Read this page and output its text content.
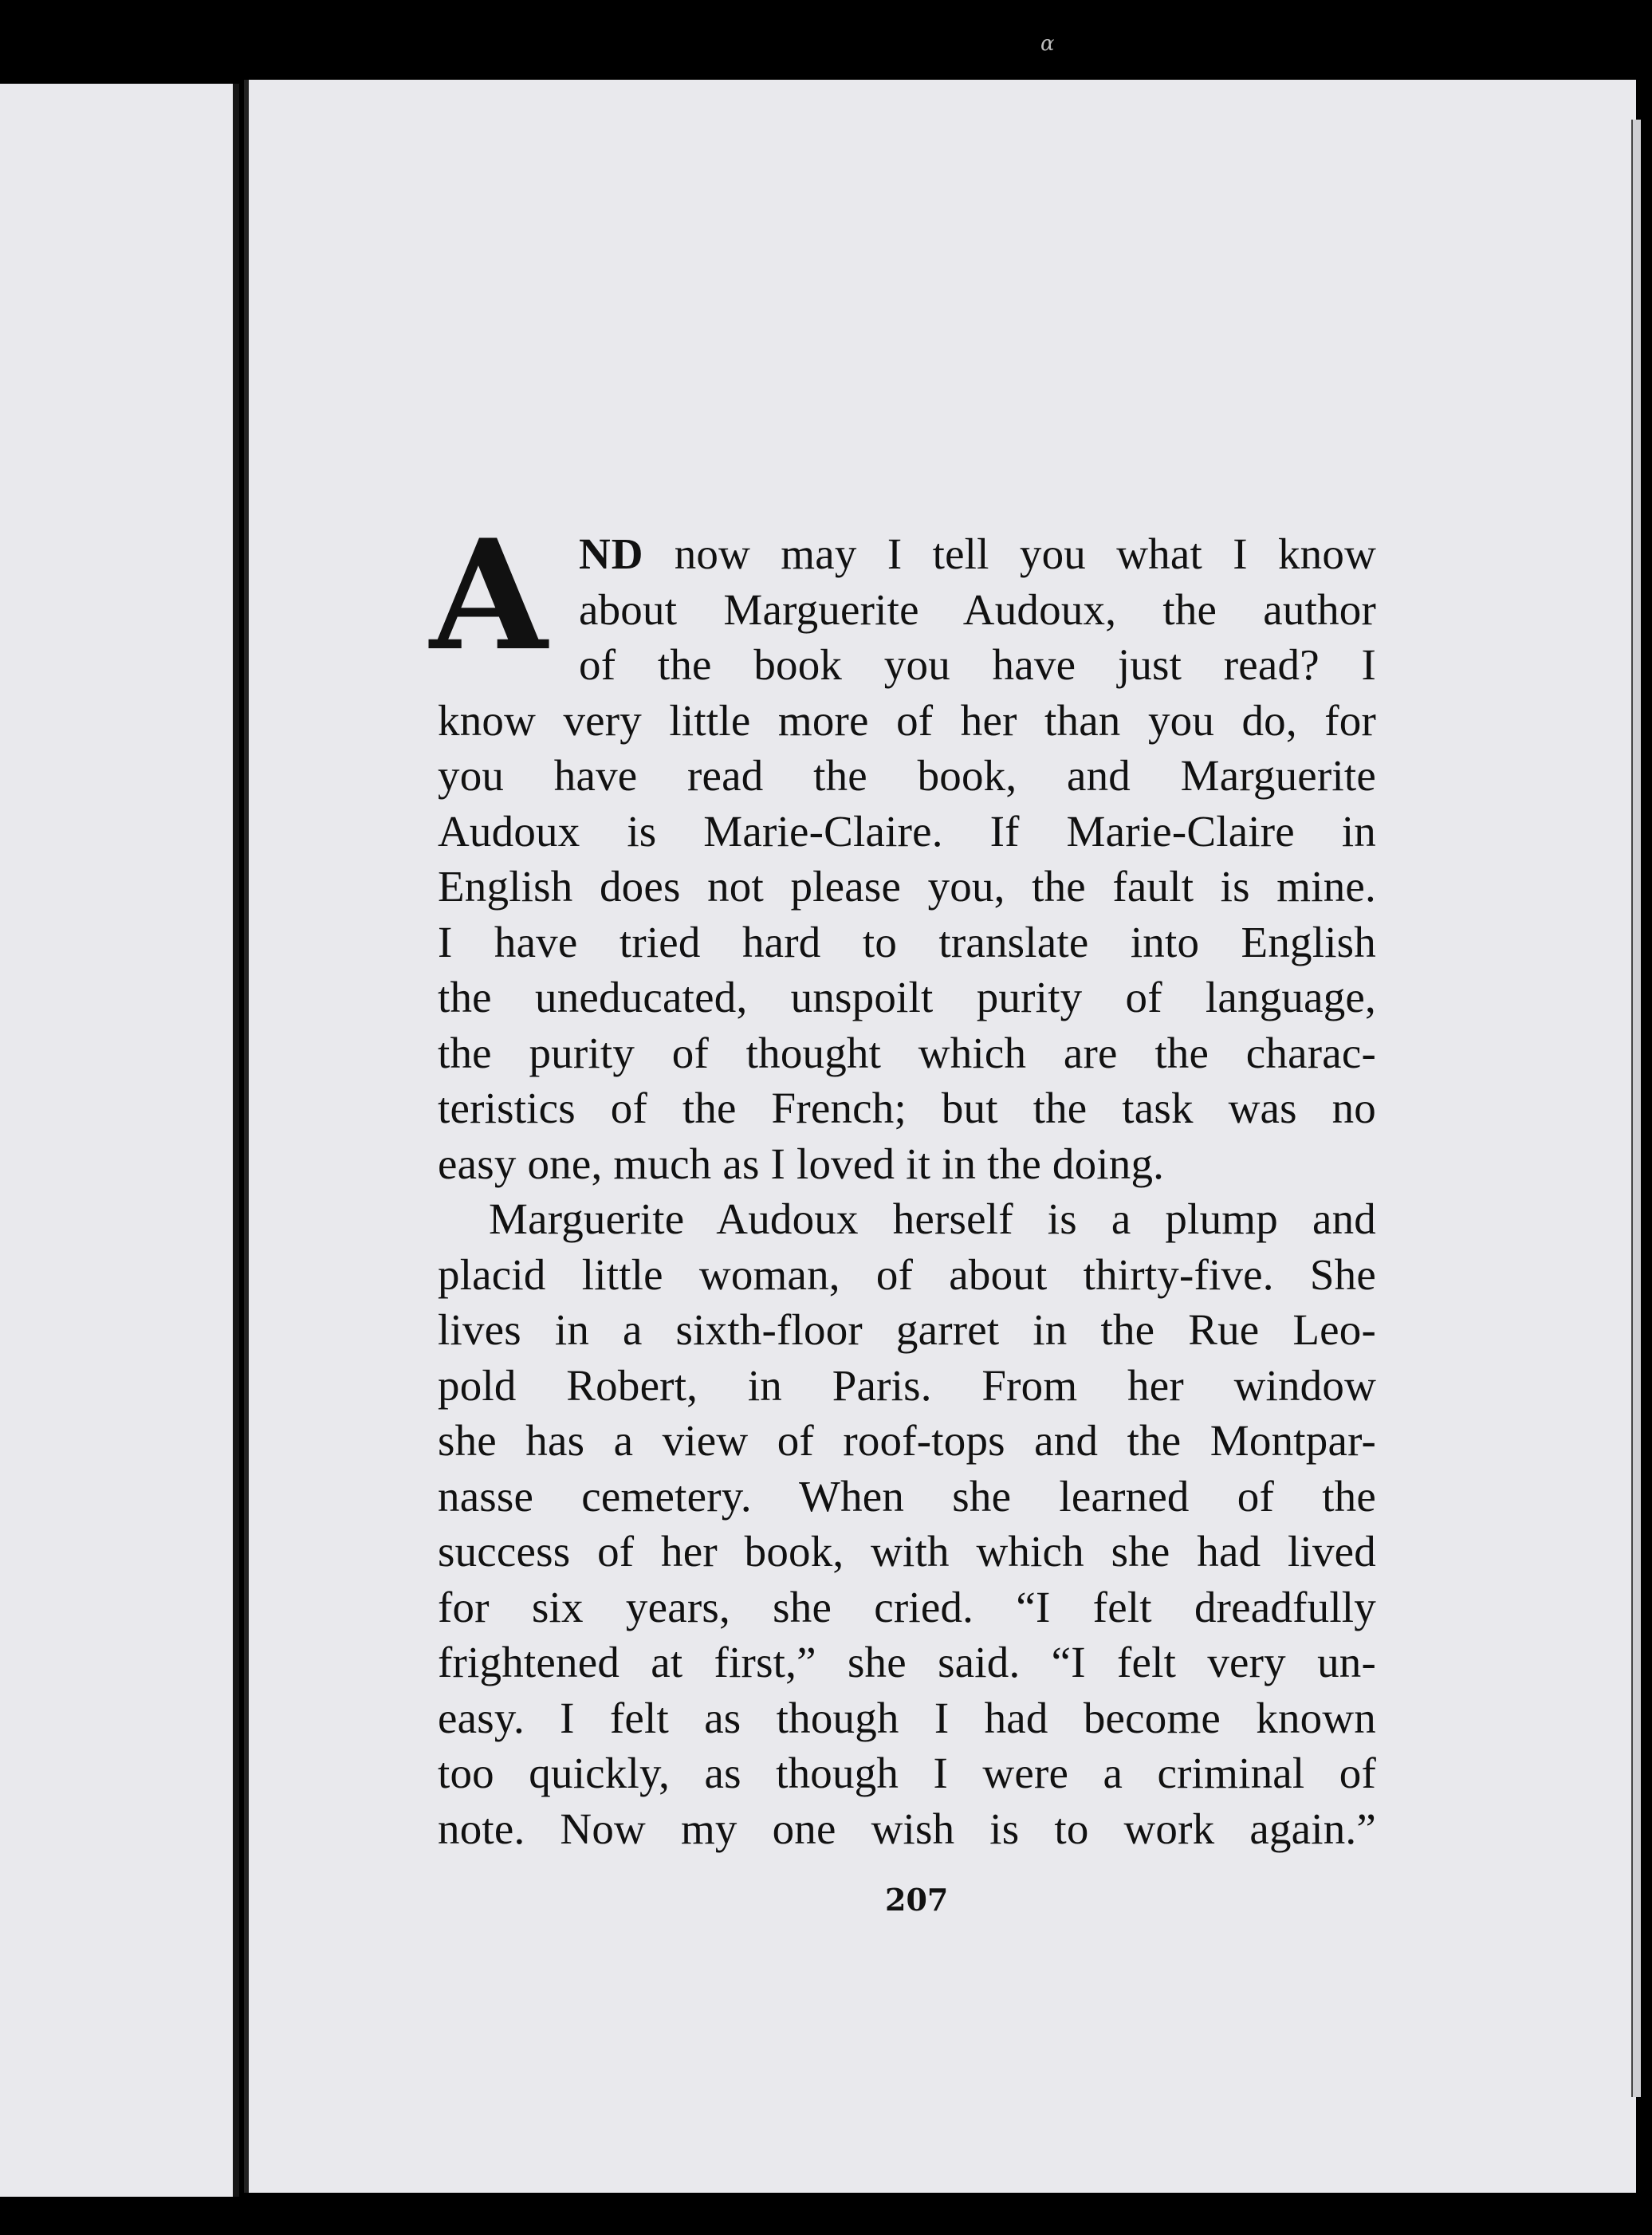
ɑ
A ND now may I tell you what I know
about Marguerite Audoux, the author
of the book you have just read? I
know very little more of her than you do, for
you have read the book, and Marguerite
Audoux is Marie-Claire. If Marie-Claire in
English does not please you, the fault is mine.
I have tried hard to translate into English
the uneducated, unspoilt purity of language,
the purity of thought which are the charac-
teristics of the French; but the task was no
easy one, much as I loved it in the doing.
Marguerite Audoux herself is a plump and
placid little woman, of about thirty-five. She
lives in a sixth-floor garret in the Rue Leo-
pold Robert, in Paris. From her window
she has a view of roof-tops and the Montpar-
nasse cemetery. When she learned of the
success of her book, with which she had lived
for six years, she cried. “I felt dreadfully
frightened at first,” she said. “I felt very un-
easy. I felt as though I had become known
too quickly, as though I were a criminal of
note. Now my one wish is to work again.”
207
